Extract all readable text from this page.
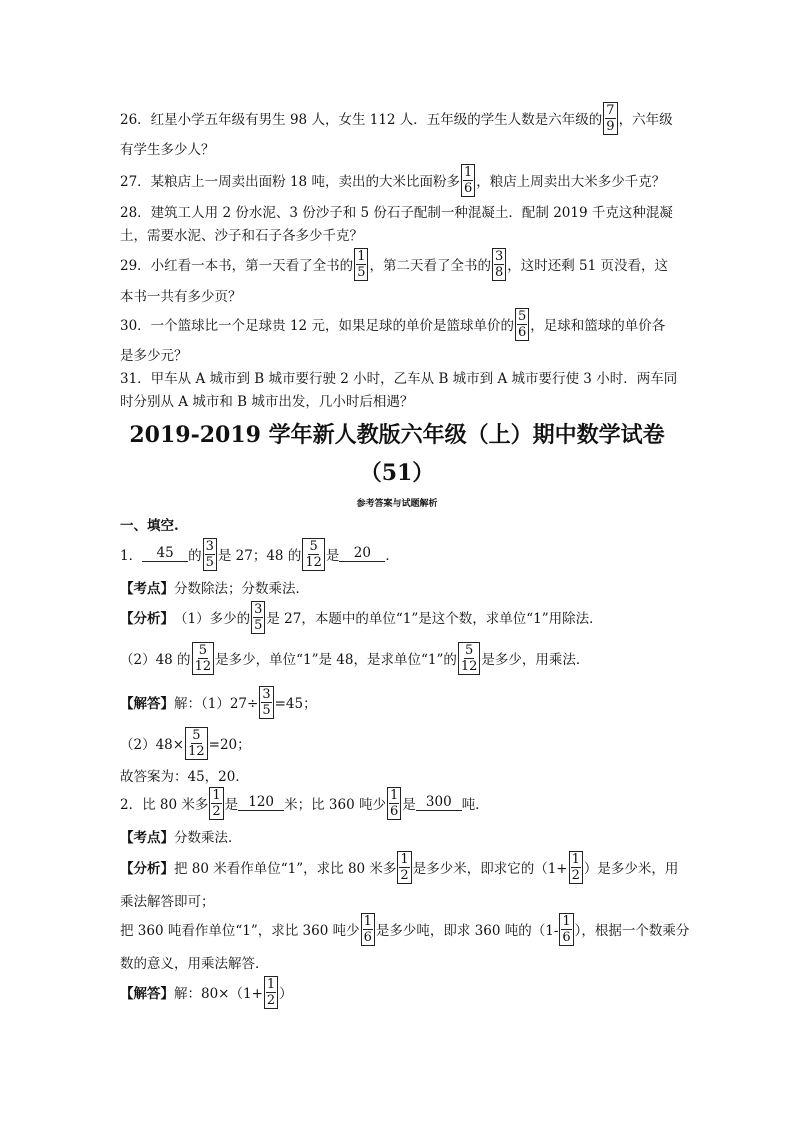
26．红星小学五年级有男生 98 人，女生 112 人．五年级的学生人数是六年级的 $\frac{7}{9}$ ，六年级
有学生多少人？
27．某粮店上一周卖出面粉 18 吨，卖出的大米比面粉多 $\frac{1}{6}$ ，粮店上周卖出大米多少千克？
28．建筑工人用 2 份水泥、3 份沙子和 5 份石子配制一种混凝土．配制 2019 千克这种混凝
土，需要水泥、沙子和石子各多少千克？
29．小红看一本书，第一天看了全书的 $\frac{1}{5}$ ，第二天看了全书的 $\frac{3}{8}$ ，这时还剩 51 页没看，这
本书一共有多少页？
30．一个篮球比一个足球贵 12 元，如果足球的单价是篮球单价的 $\frac{5}{6}$ ，足球和篮球的单价各
是多少元？
31．甲车从 A 城市到 B 城市要行驶 2 小时，乙车从 B 城市到 A 城市要行使 3 小时．两车同
时分别从 A 城市和 B 城市出发，几小时后相遇？
2019-2019 学年新人教版六年级（上）期中数学试卷
（51）
参考答案与试题解析
一、填空.
1．	45	的 $\frac{3}{5}$ 是 27；48 的 $\frac{5}{12}$ 是	20	．
【考点】 分数除法；分数乘法．
【分析】 （1）多少的 $\frac{3}{5}$ 是 27，本题中的单位“1”是这个数，求单位“1”用除法．
（2）48 的 $\frac{5}{12}$ 是多少，单位“1”是 48，是求单位“1”的 $\frac{5}{12}$ 是多少，用乘法．
【解答】 解：$(1)27\div \frac{3}{5} =45$；
$(2)48\times \frac{5}{12} =20$；
故答案为：45，20．
2．比 80 米多 $\frac{1}{2}$ 是 120 米；比 360 吨少 $\frac{1}{6}$ 是 300 吨．
【考点】 分数乘法．
【分析】 把 80 米看作单位“1”，求比 80 米多 $\frac{1}{2}$ 是多少米，即求它的（$1+ \frac{1}{2}$ ）是多少米，用
乘法解答即可；
把 360 吨看作单位“1”，求比 360 吨少 $\frac{1}{6}$ 是多少吨，即求 360 吨的（$1- \frac{1}{6}$ ），根据一个数乘分
数的意义，用乘法解答．
【解答】 解：$80\times(1+ \frac{1}{2}$ ）
